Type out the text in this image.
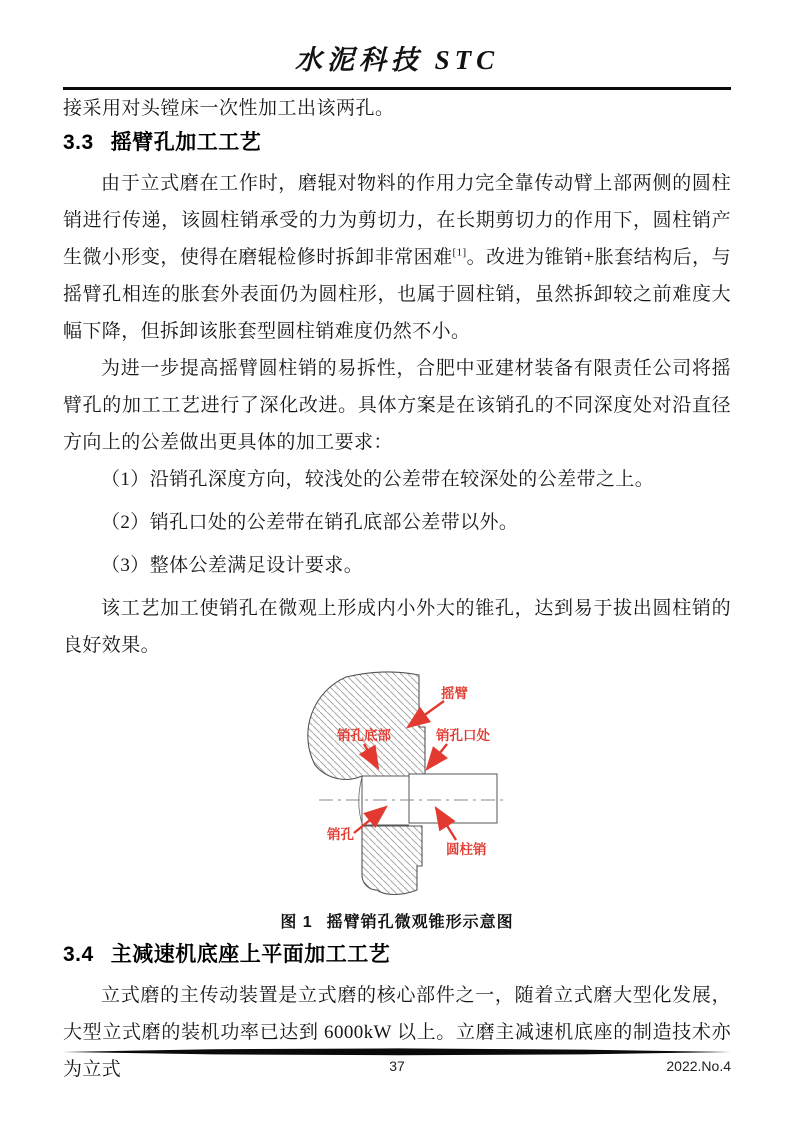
水泥科技 STC

接采用对头镗床一次性加工出该两孔。

3.3 摇臂孔加工工艺

由于立式磨在工作时，磨辊对物料的作用力完全靠传动臂上部两侧的圆柱销进行传递，该圆柱销承受的力为剪切力，在长期剪切力的作用下，圆柱销产生微小形变，使得在磨辊检修时拆卸非常困难[1]。改进为锥销+胀套结构后，与摇臂孔相连的胀套外表面仍为圆柱形，也属于圆柱销，虽然拆卸较之前难度大幅下降，但拆卸该胀套型圆柱销难度仍然不小。

为进一步提高摇臂圆柱销的易拆性，合肥中亚建材装备有限责任公司将摇臂孔的加工工艺进行了深化改进。具体方案是在该销孔的不同深度处对沿直径方向上的公差做出更具体的加工要求：

（1）沿销孔深度方向，较浅处的公差带在较深处的公差带之上。

（2）销孔口处的公差带在销孔底部公差带以外。

（3）整体公差满足设计要求。

该工艺加工使销孔在微观上形成内小外大的锥孔，达到易于拔出圆柱销的良好效果。

摇臂
销孔底部	销孔口处
销孔
圆柱销
图 1 摇臂销孔微观锥形示意图
3.4 主减速机底座上平面加工工艺

立式磨的主传动装置是立式磨的核心部件之一，随着立式磨大型化发展，大型立式磨的装机功率已达到 6000kW 以上。立磨主减速机底座的制造技术亦为立式	37	2022.No.4
